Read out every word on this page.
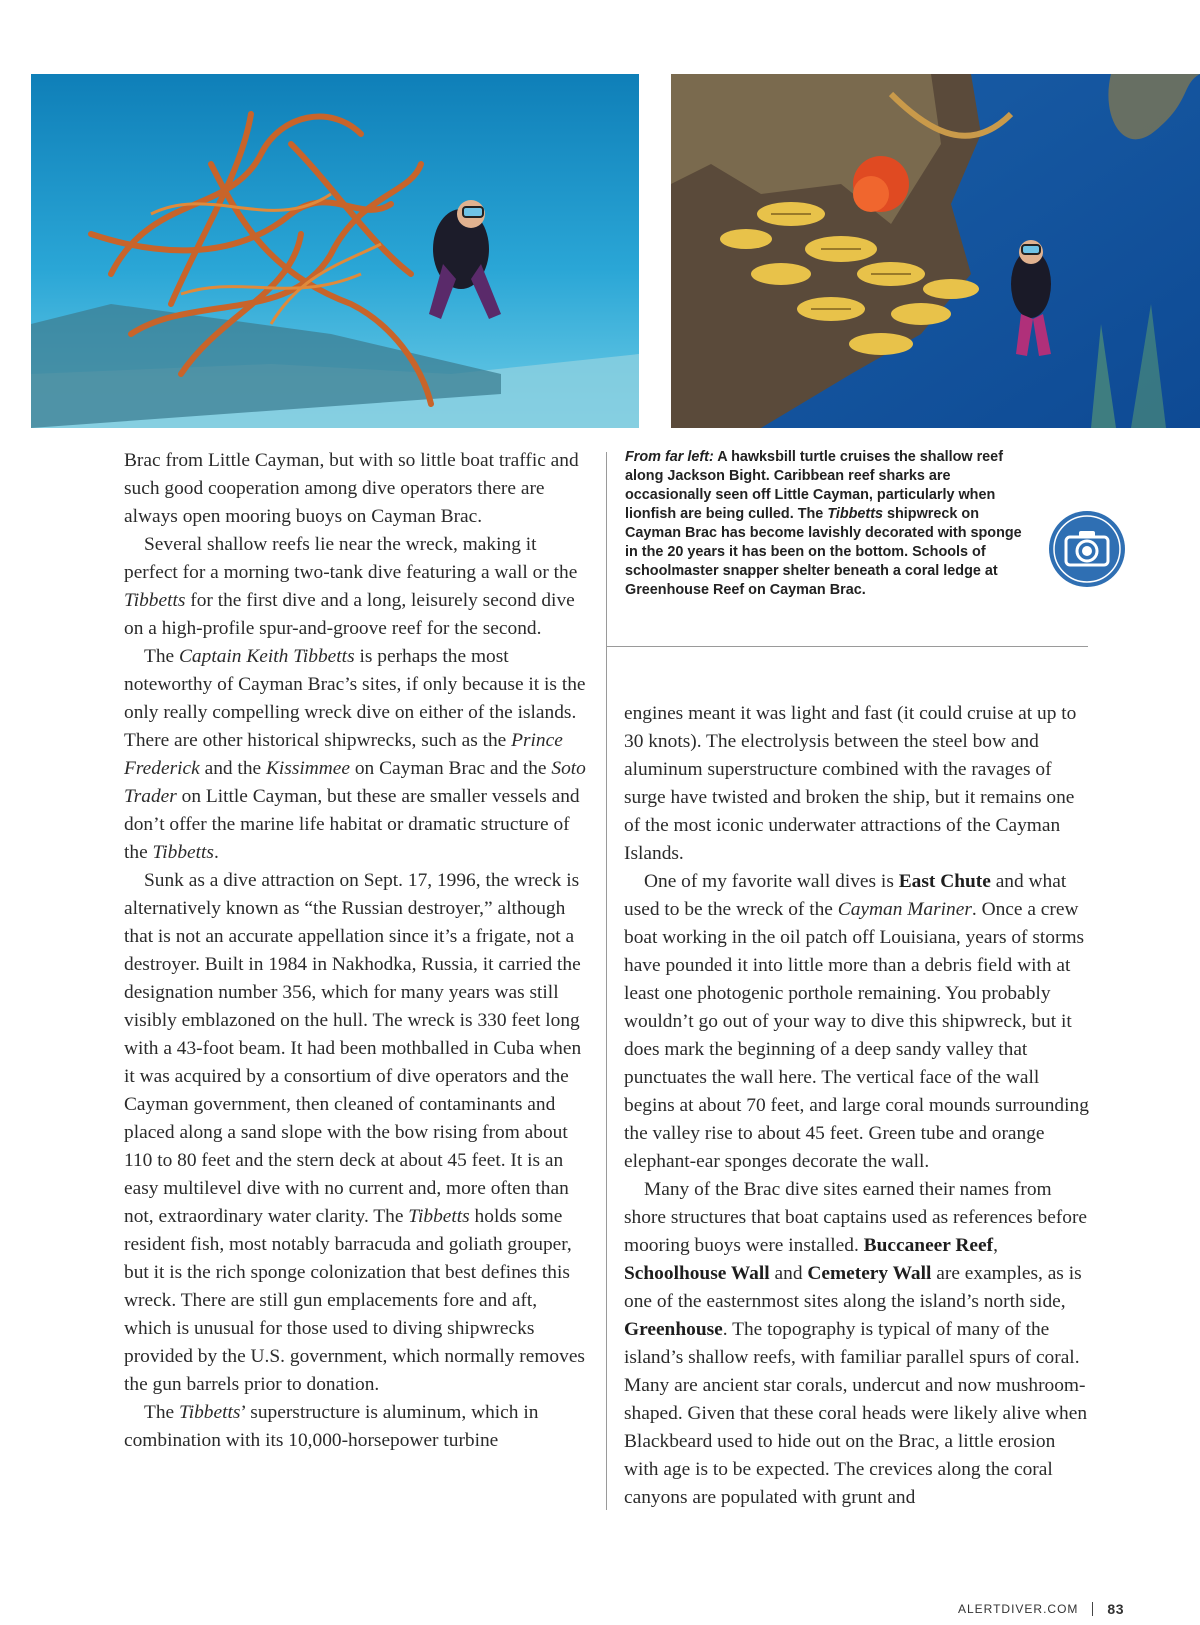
Brac from Little Cayman, but with so little boat traffic and such good cooperation among dive operators there are always open mooring buoys on Cayman Brac.

Several shallow reefs lie near the wreck, making it perfect for a morning two-tank dive featuring a wall or the Tibbetts for the first dive and a long, leisurely second dive on a high-profile spur-and-groove reef for the second.

The Captain Keith Tibbetts is perhaps the most noteworthy of Cayman Brac’s sites, if only because it is the only really compelling wreck dive on either of the islands. There are other historical shipwrecks, such as the Prince Frederick and the Kissimmee on Cayman Brac and the Soto Trader on Little Cayman, but these are smaller vessels and don’t offer the marine life habitat or dramatic structure of the Tibbetts.

Sunk as a dive attraction on Sept. 17, 1996, the wreck is alternatively known as “the Russian destroyer,” although that is not an accurate appellation since it’s a frigate, not a destroyer. Built in 1984 in Nakhodka, Russia, it carried the designation number 356, which for many years was still visibly emblazoned on the hull. The wreck is 330 feet long with a 43-foot beam. It had been mothballed in Cuba when it was acquired by a consortium of dive operators and the Cayman government, then cleaned of contaminants and placed along a sand slope with the bow rising from about 110 to 80 feet and the stern deck at about 45 feet. It is an easy multilevel dive with no current and, more often than not, extraordinary water clarity. The Tibbetts holds some resident fish, most notably barracuda and goliath grouper, but it is the rich sponge colonization that best defines this wreck. There are still gun emplacements fore and aft, which is unusual for those used to diving shipwrecks provided by the U.S. government, which normally removes the gun barrels prior to donation.

The Tibbetts’ superstructure is aluminum, which in combination with its 10,000-horsepower turbine

From far left: A hawksbill turtle cruises the shallow reef along Jackson Bight. Caribbean reef sharks are occasionally seen off Little Cayman, particularly when lionfish are being culled. The Tibbetts shipwreck on Cayman Brac has become lavishly decorated with sponge in the 20 years it has been on the bottom. Schools of schoolmaster snapper shelter beneath a coral ledge at Greenhouse Reef on Cayman Brac.

engines meant it was light and fast (it could cruise at up to 30 knots). The electrolysis between the steel bow and aluminum superstructure combined with the ravages of surge have twisted and broken the ship, but it remains one of the most iconic underwater attractions of the Cayman Islands.

One of my favorite wall dives is East Chute and what used to be the wreck of the Cayman Mariner. Once a crew boat working in the oil patch off Louisiana, years of storms have pounded it into little more than a debris field with at least one photogenic porthole remaining. You probably wouldn’t go out of your way to dive this shipwreck, but it does mark the beginning of a deep sandy valley that punctuates the wall here. The vertical face of the wall begins at about 70 feet, and large coral mounds surrounding the valley rise to about 45 feet. Green tube and orange elephant-ear sponges decorate the wall.

Many of the Brac dive sites earned their names from shore structures that boat captains used as references before mooring buoys were installed. Buccaneer Reef, Schoolhouse Wall and Cemetery Wall are examples, as is one of the easternmost sites along the island’s north side, Greenhouse. The topography is typical of many of the island’s shallow reefs, with familiar parallel spurs of coral. Many are ancient star corals, undercut and now mushroom-shaped. Given that these coral heads were likely alive when Blackbeard used to hide out on the Brac, a little erosion with age is to be expected. The crevices along the coral canyons are populated with grunt and

ALERTDIVER.COM 83
